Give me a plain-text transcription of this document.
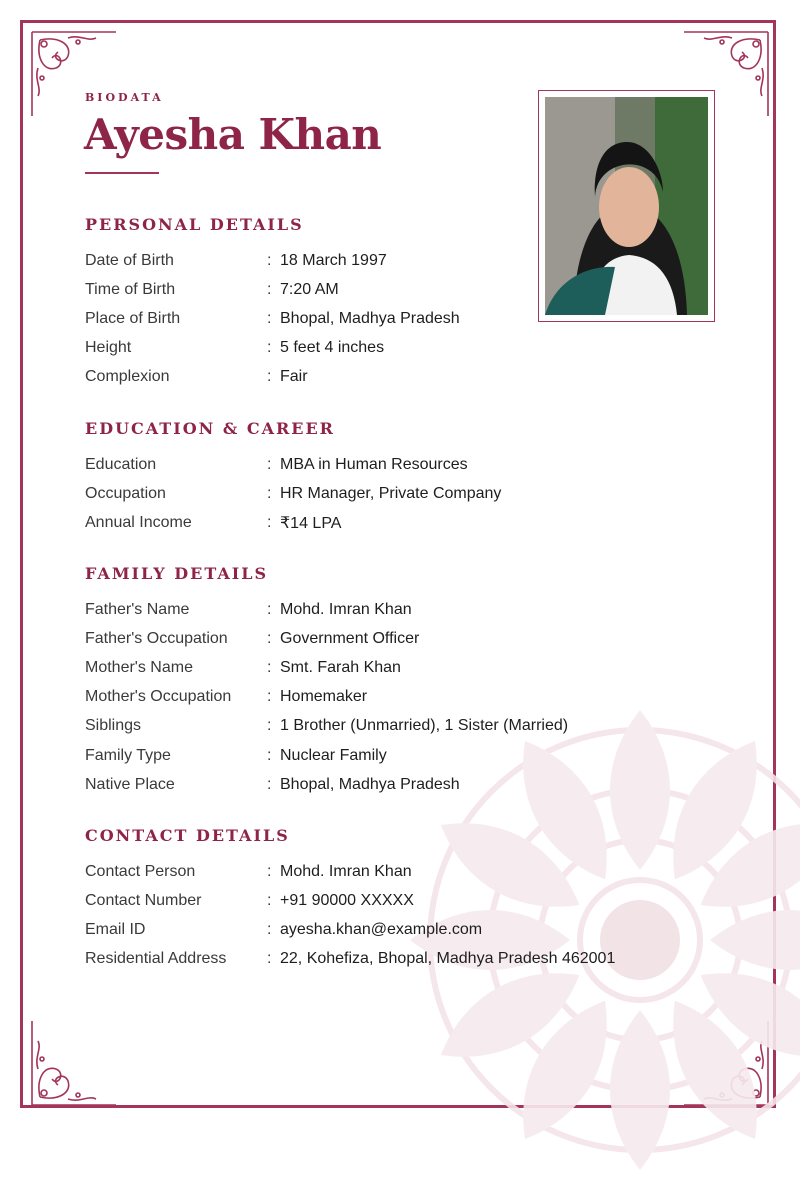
BIODATA
Ayesha Khan
PERSONAL DETAILS
Date of Birth	: 18 March 1997
Time of Birth	: 7:20 AM
Place of Birth	: Bhopal, Madhya Pradesh
Height	: 5 feet 4 inches
Complexion	: Fair
EDUCATION & CAREER
Education	: MBA in Human Resources
Occupation	: HR Manager, Private Company
Annual Income	: ₹14 LPA
FAMILY DETAILS
Father's Name	: Mohd. Imran Khan
Father's Occupation	: Government Officer
Mother's Name	: Smt. Farah Khan
Mother's Occupation	: Homemaker
Siblings	: 1 Brother (Unmarried), 1 Sister (Married)
Family Type	: Nuclear Family
Native Place	: Bhopal, Madhya Pradesh
CONTACT DETAILS
Contact Person	: Mohd. Imran Khan
Contact Number	: +91 90000 XXXXX
Email ID	: ayesha.khan@example.com
Residential Address	: 22, Kohefiza, Bhopal, Madhya Pradesh 462001
